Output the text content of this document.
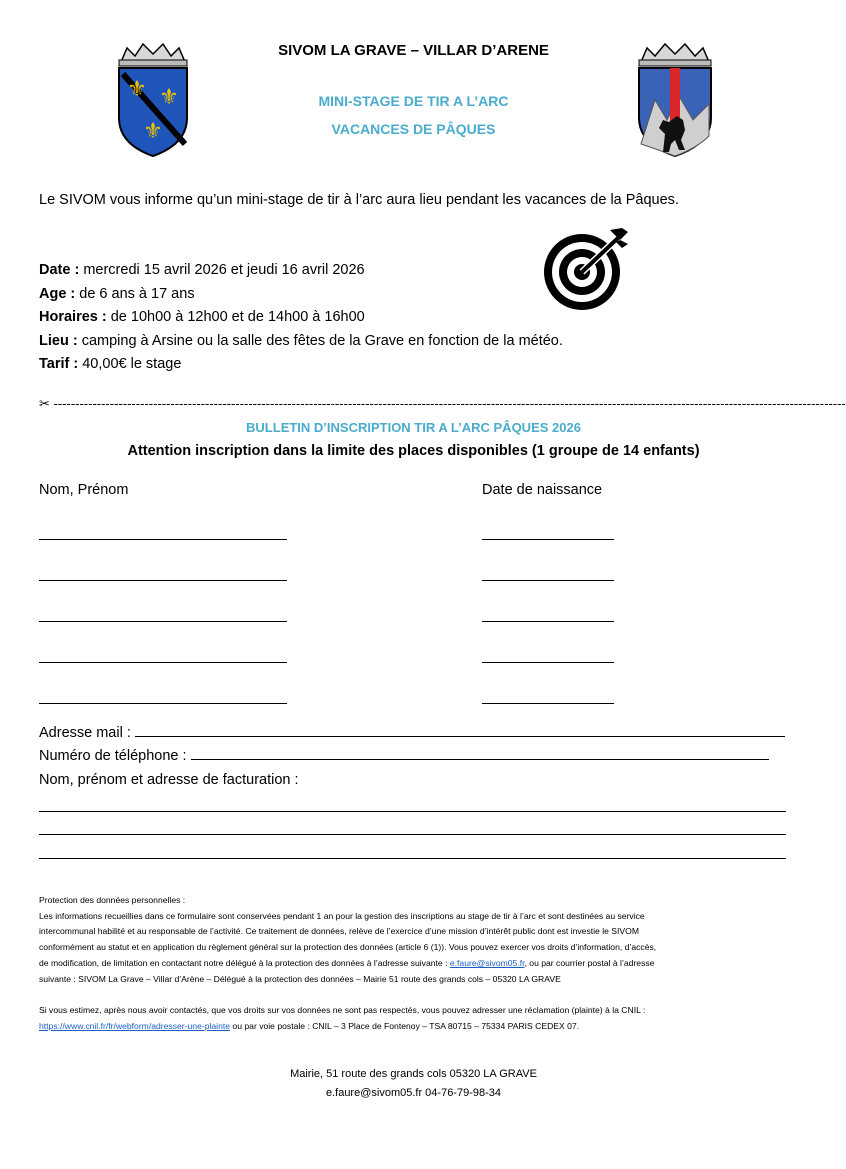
⚜ ⚜
⚜
SIVOM LA GRAVE – VILLAR D’ARENE
MINI-STAGE DE TIR A L’ARC
VACANCES DE PÂQUES
Le SIVOM vous informe qu’un mini-stage de tir à l’arc aura lieu pendant les vacances de la Pâques.
Date : mercredi 15 avril 2026 et jeudi 16 avril 2026
Age : de 6 ans à 17 ans
Horaires : de 10h00 à 12h00 et de 14h00 à 16h00
Lieu : camping à Arsine ou la salle des fêtes de la Grave en fonction de la météo.
Tarif : 40,00€ le stage
✂ ---------------------------------------------------------------------------------------------------------------------------------------------------------------------------------------
BULLETIN D’INSCRIPTION TIR A L’ARC PÂQUES 2026
Attention inscription dans la limite des places disponibles (1 groupe de 14 enfants)
Nom, Prénom	Date de naissance
Adresse mail :
Numéro de téléphone :
Nom, prénom et adresse de facturation :
Protection des données personnelles :
Les informations recueillies dans ce formulaire sont conservées pendant 1 an pour la gestion des inscriptions au stage de tir à l’arc et sont destinées au service
intercommunal habilité et au responsable de l’activité. Ce traitement de données, relève de l’exercice d’une mission d’intérêt public dont est investie le SIVOM
conformément au statut et en application du règlement général sur la protection des données (article 6 (1)). Vous pouvez exercer vos droits d’information, d’accès,
de modification, de limitation en contactant notre délégué à la protection des données à l’adresse suivante : e.faure@sivom05.fr, ou par courrier postal à l’adresse
suivante : SIVOM La Grave – Villar d’Arène – Délégué à la protection des données – Mairie 51 route des grands cols – 05320 LA GRAVE
Si vous estimez, après nous avoir contactés, que vos droits sur vos données ne sont pas respectés, vous pouvez adresser une réclamation (plainte) à la CNIL :
https://www.cnil.fr/fr/webform/adresser-une-plainte ou par voie postale : CNIL – 3 Place de Fontenoy – TSA 80715 – 75334 PARIS CEDEX 07.
Mairie, 51 route des grands cols 05320 LA GRAVE
e.faure@sivom05.fr 04-76-79-98-34
